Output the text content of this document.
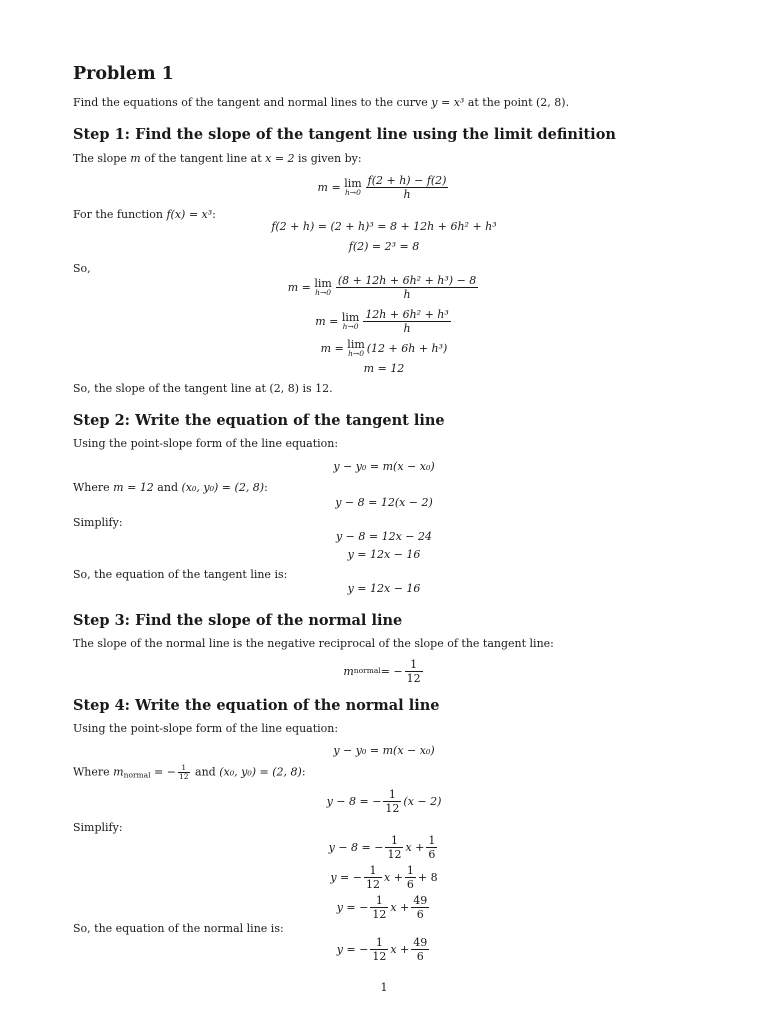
Problem 1
Find the equations of the tangent and normal lines to the curve y = x³ at the point (2, 8).
Step 1: Find the slope of the tangent line using the limit definition
The slope m of the tangent line at x = 2 is given by:
m =
lim
$h\to 0 \frac{f(2 + h) - f(2)}{h}$
For the function f(x) = x³:
f(2 + h) = (2 + h)³ = 8 + 12h + 6h² + h³
f(2) = 2³ = 8
So,
m =
lim
$h\to 0 \frac{\text{(8 + 12h + 6h² + h³) − 8}}{h}$
m =
lim
$h\to 0 \frac{\text{12h + 6h² + h³}}{h}$
m =
lim
h→0 (12 + 6h + h³)
m = 12
So, the slope of the tangent line at (2, 8) is 12.
Step 2: Write the equation of the tangent line
Using the point-slope form of the line equation:
y − y₀ = m(x − x₀)
Where m = 12 and (x₀, y₀) = (2, 8):
y − 8 = 12(x − 2)
Simplify:
y − 8 = 12x − 24
y = 12x − 16
So, the equation of the tangent line is:
y = 12x − 16
Step 3: Find the slope of the normal line
The slope of the normal line is the negative reciprocal of the slope of the tangent line:
m normal = − $\frac{1}{12}$
Step 4: Write the equation of the normal line
Using the point-slope form of the line equation:
y − y₀ = m(x − x₀)
Where $m_{normal}$ = − $\frac{1}{12}$ and (x₀, y₀) = (2, 8):
y − 8 = − $\frac{1}{12} (x - 2)$
Simplify:
y − 8 = − $\frac{1}{12}$ $x + \frac{1}{6}$
y = − $\frac{1}{12}$ $x + \frac{1}{6} + 8$
y = − $\frac{1}{12}$ $x + \frac{49}{6}$
So, the equation of the normal line is:
y = − $\frac{1}{12}$ $x + \frac{49}{6}$
1
